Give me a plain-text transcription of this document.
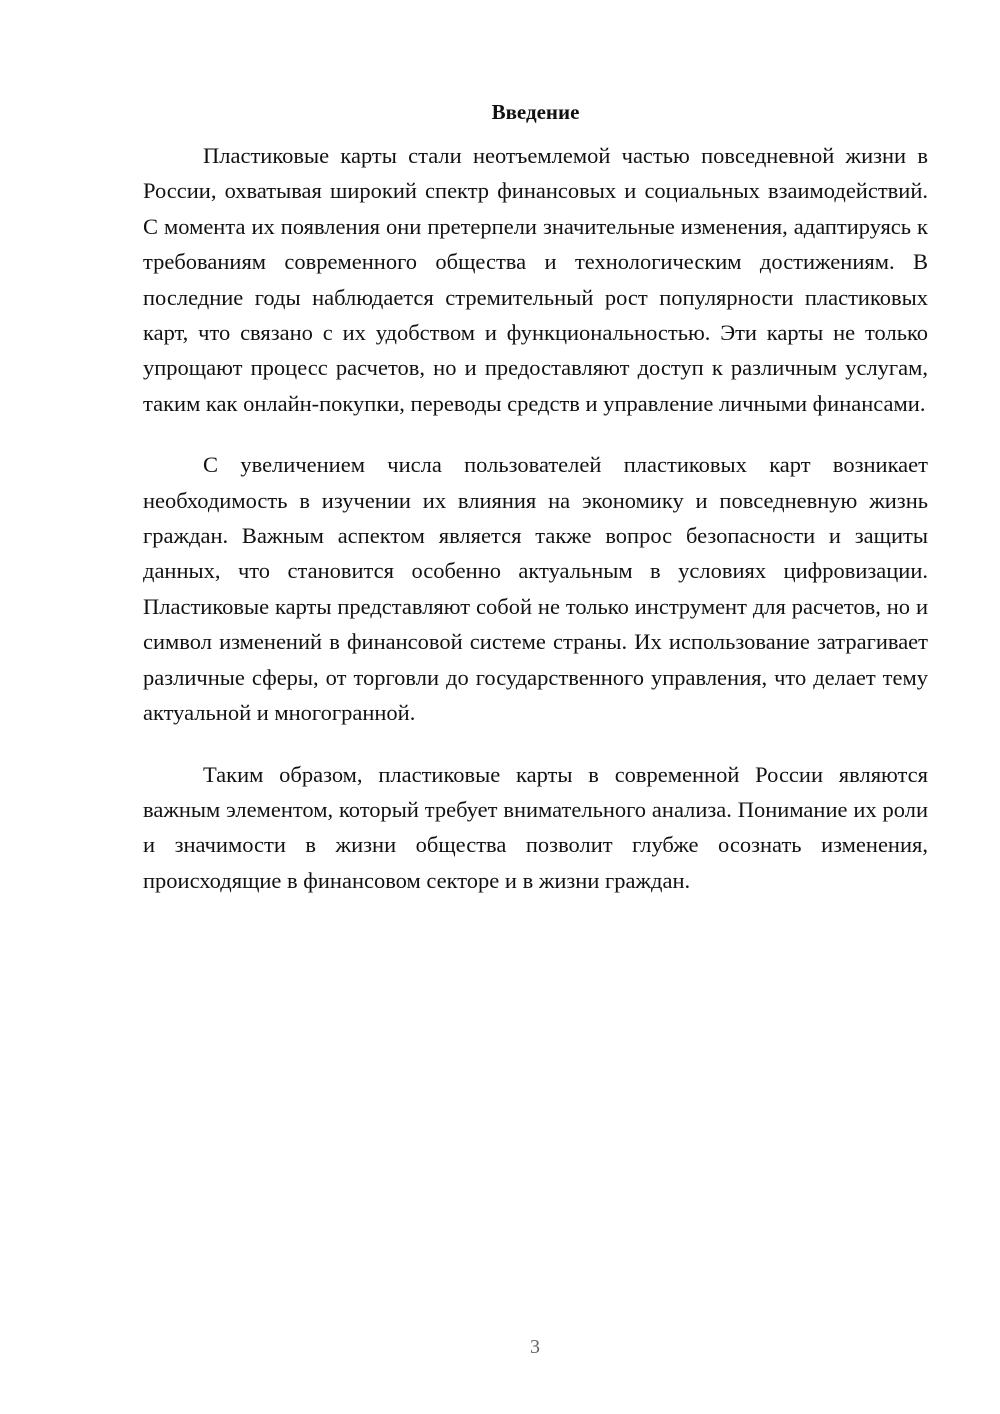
Введение

Пластиковые карты стали неотъемлемой частью повседневной жизни в России, охватывая широкий спектр финансовых и социальных взаимодействий. С момента их появления они претерпели значительные изменения, адаптируясь к требованиям современного общества и технологическим достижениям. В последние годы наблюдается стремительный рост популярности пластиковых карт, что связано с их удобством и функциональностью. Эти карты не только упрощают процесс расчетов, но и предоставляют доступ к различным услугам, таким как онлайн-покупки, переводы средств и управление личными финансами.

С увеличением числа пользователей пластиковых карт возникает необходимость в изучении их влияния на экономику и повседневную жизнь граждан. Важным аспектом является также вопрос безопасности и защиты данных, что становится особенно актуальным в условиях цифровизации. Пластиковые карты представляют собой не только инструмент для расчетов, но и символ изменений в финансовой системе страны. Их использование затрагивает различные сферы, от торговли до государственного управления, что делает тему актуальной и многогранной.

Таким образом, пластиковые карты в современной России являются важным элементом, который требует внимательного анализа. Понимание их роли и значимости в жизни общества позволит глубже осознать изменения, происходящие в финансовом секторе и в жизни граждан.

3
